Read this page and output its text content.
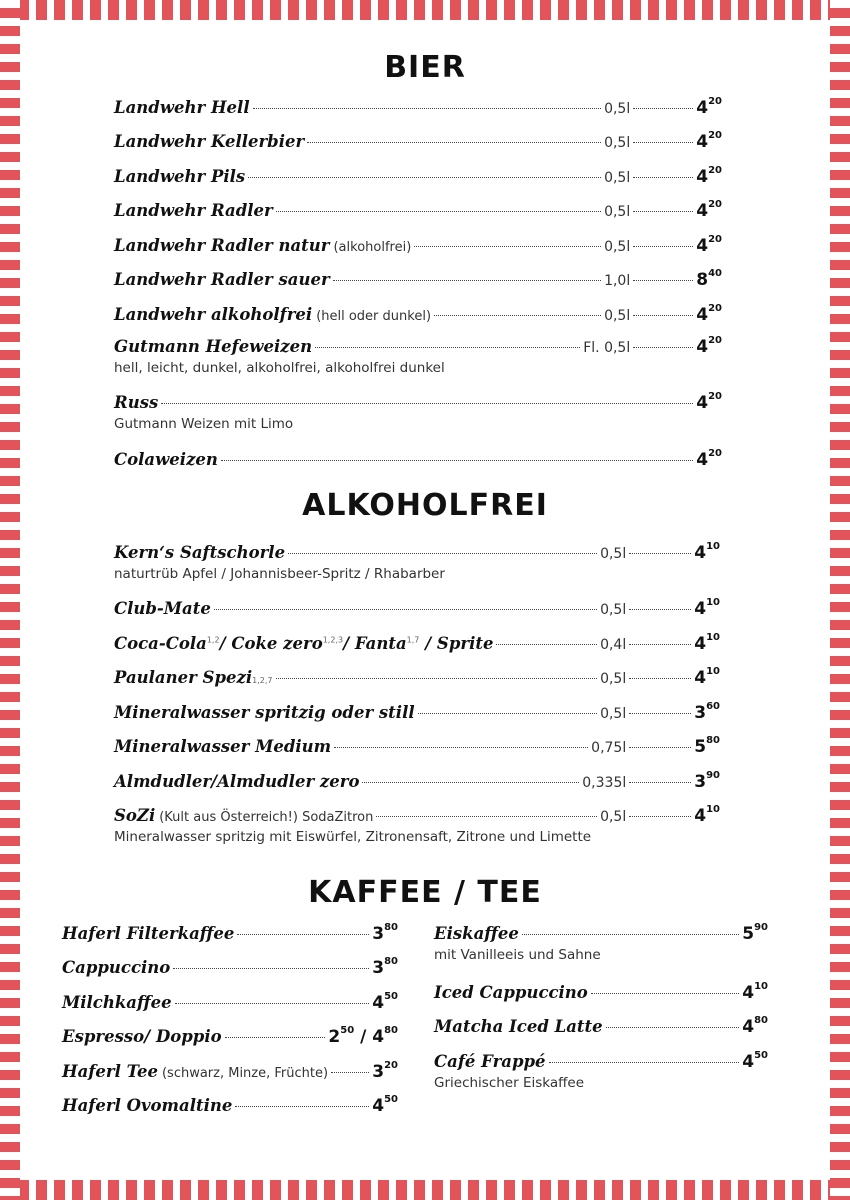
BIER
ALKOHOLFREI
KAFFEE / TEE
Landwehr Hell	0,5l	$4^{20}$
Landwehr Kellerbier	0,5l	$4^{20}$
Landwehr Pils	0,5l	$4^{20}$
Landwehr Radler	0,5l	$4^{20}$
Landwehr Radler natur (alkoholfrei)	0,5l	$4^{20}$
Landwehr Radler sauer	1,0l	$8^{40}$
Landwehr alkoholfrei (hell oder dunkel)	0,5l	$4^{20}$
Gutmann Hefeweizen	Fl. 0,5l	$4^{20}$
hell, leicht, dunkel, alkoholfrei, alkoholfrei dunkel
Russ	$4^{20}$
Gutmann Weizen mit Limo
Colaweizen	$4^{20}$
Kern‘s Saftschorle	0,5l	$4^{10}$
naturtrüb Apfel / Johannisbeer-Spritz / Rhabarber
Club-Mate	0,5l	$4^{10}$
Coca-Cola$^{1,2}$/ Coke zero$^{1,2,3}$/ Fanta$^{1,7}$ / Sprite	0,4l	$4^{10}$
Paulaner Spezi 1,2,7	0,5l	$4^{10}$
Mineralwasser spritzig oder still	0,5l	$3^{60}$
Mineralwasser Medium	0,75l	$5^{80}$
Almdudler/Almdudler zero	0,335l	$3^{90}$
SoZi (Kult aus Österreich!) SodaZitron	0,5l	$4^{10}$
Mineralwasser spritzig mit Eiswürfel, Zitronensaft, Zitrone und Limette
Haferl Filterkaffee	$3^{80}$
Cappuccino	$3^{80}$
Milchkaffee	$4^{50}$
Espresso/ Doppio	$2^{50} / 4^{80}$
Haferl Tee (schwarz, Minze, Früchte)	$3^{20}$
Haferl Ovomaltine	$4^{50}$
Eiskaffee	$5^{90}$
mit Vanilleeis und Sahne
Iced Cappuccino	$4^{10}$
Matcha Iced Latte	$4^{80}$
Café Frappé	$4^{50}$
Griechischer Eiskaffee
